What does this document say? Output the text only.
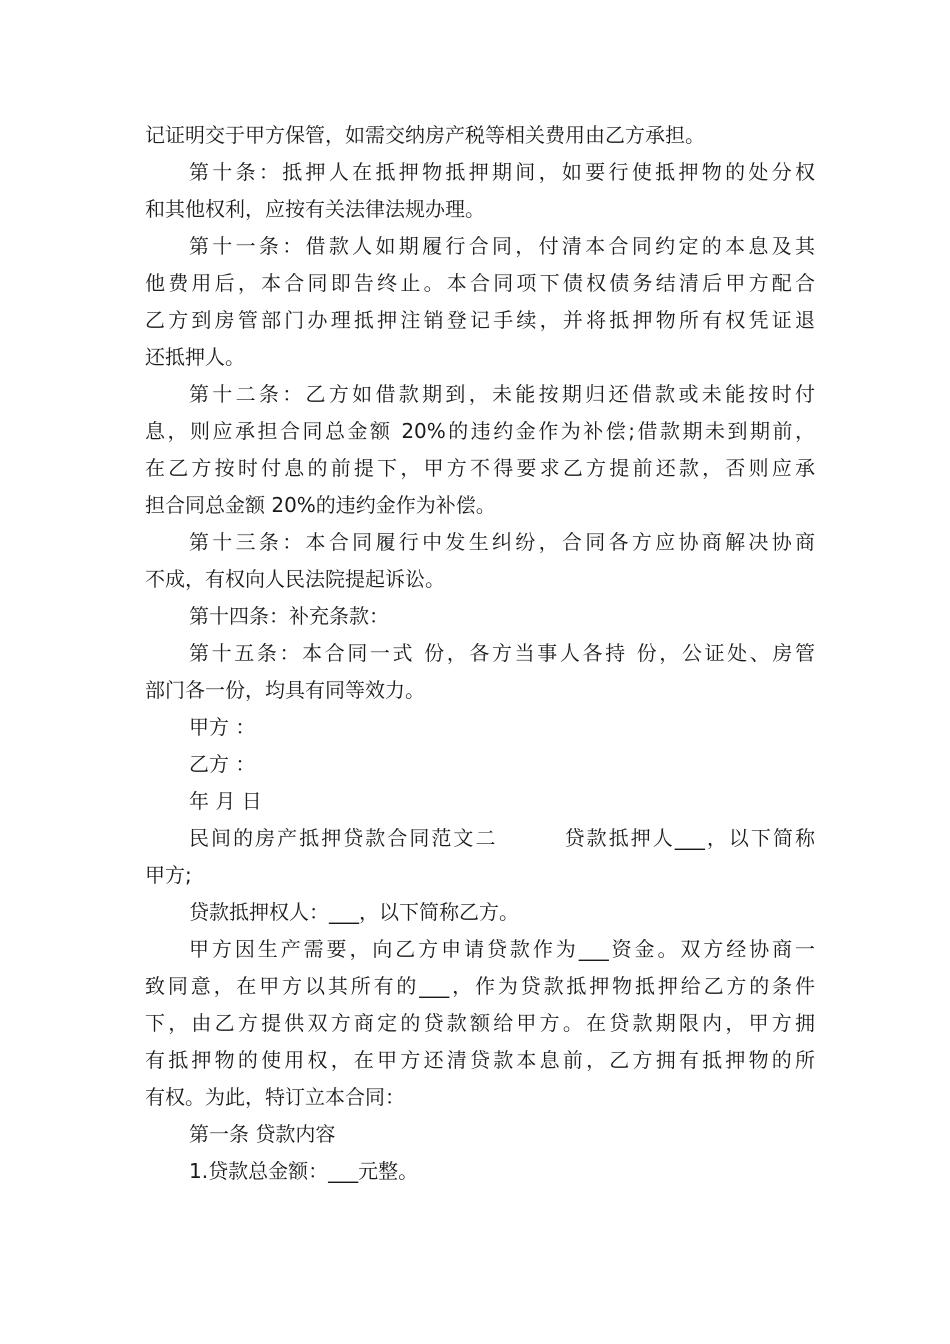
记证明交于甲方保管，如需交纳房产税等相关费用由乙方承担。
第十条：抵押人在抵押物抵押期间，如要行使抵押物的处分权
和其他权利，应按有关法律法规办理。
第十一条：借款人如期履行合同，付清本合同约定的本息及其
他费用后，本合同即告终止。本合同项下债权债务结清后甲方配合
乙方到房管部门办理抵押注销登记手续，并将抵押物所有权凭证退
还抵押人。
第十二条：乙方如借款期到，未能按期归还借款或未能按时付
息，则应承担合同总金额 20%的违约金作为补偿;借款期未到期前，
在乙方按时付息的前提下，甲方不得要求乙方提前还款，否则应承
担合同总金额 20%的违约金作为补偿。
第十三条：本合同履行中发生纠纷，合同各方应协商解决协商
不成，有权向人民法院提起诉讼。
第十四条：补充条款：
第十五条：本合同一式 份，各方当事人各持 份，公证处、房管
部门各一份，均具有同等效力。
甲方 ：
乙方 ：
年 月 日
民间的房产抵押贷款合同范文二        贷款抵押人___，以下简称
甲方;
贷款抵押权人：___，以下简称乙方。
甲方因生产需要，向乙方申请贷款作为___资金。双方经协商一
致同意，在甲方以其所有的___，作为贷款抵押物抵押给乙方的条件
下，由乙方提供双方商定的贷款额给甲方。在贷款期限内，甲方拥
有抵押物的使用权，在甲方还清贷款本息前，乙方拥有抵押物的所
有权。为此，特订立本合同：
第一条 贷款内容
1.贷款总金额：___元整。
